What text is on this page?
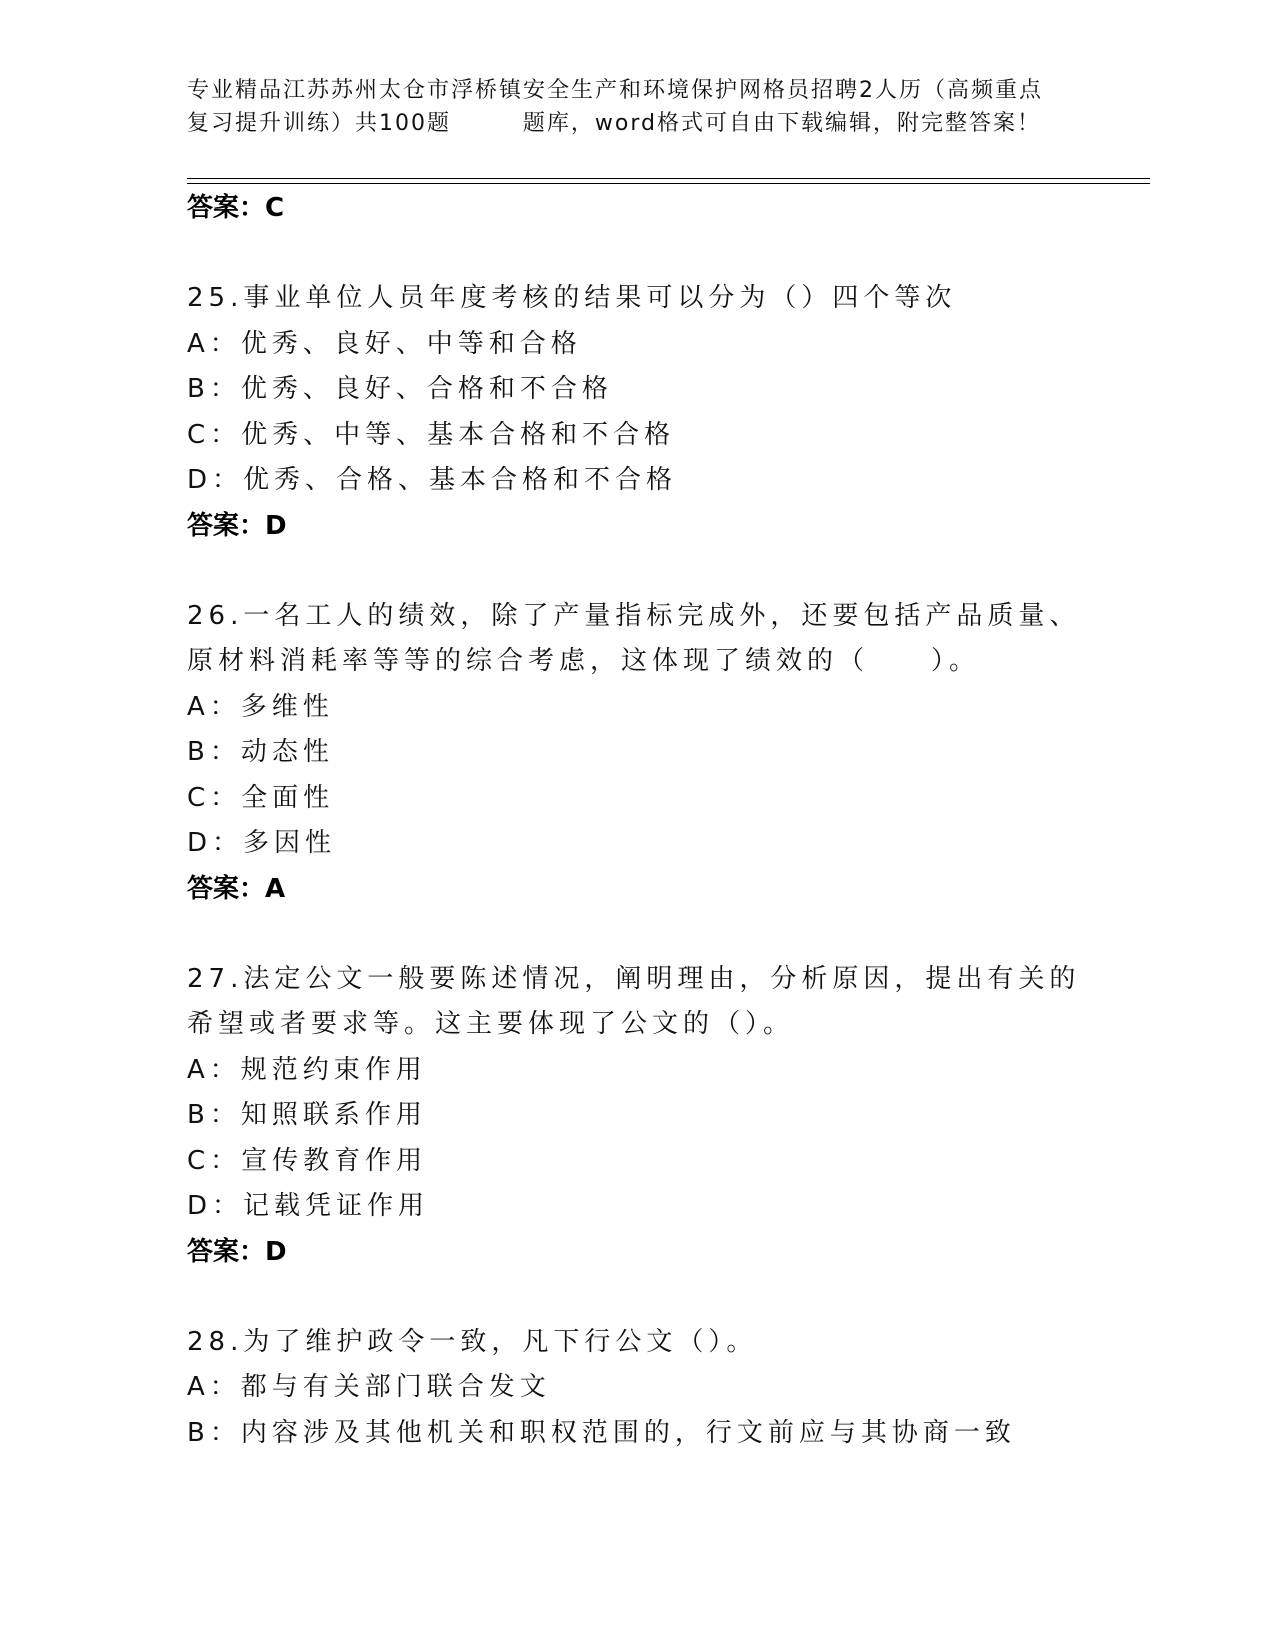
专业精品江苏苏州太仓市浮桥镇安全生产和环境保护网格员招聘2人历（高频重点
复习提升训练）共100题        题库，word格式可自由下载编辑，附完整答案！
答案：C
25.事业单位人员年度考核的结果可以分为（）四个等次
A：优秀、良好、中等和合格
B：优秀、良好、合格和不合格
C：优秀、中等、基本合格和不合格
D：优秀、合格、基本合格和不合格
答案：D
26.一名工人的绩效，除了产量指标完成外，还要包括产品质量、原材料消耗率等等的综合考虑，这体现了绩效的（　　）。
A：多维性
B：动态性
C：全面性
D：多因性
答案：A
27.法定公文一般要陈述情况，阐明理由，分析原因，提出有关的希望或者要求等。这主要体现了公文的（）。
A：规范约束作用
B：知照联系作用
C：宣传教育作用
D：记载凭证作用
答案：D
28.为了维护政令一致，凡下行公文（）。
A：都与有关部门联合发文
B：内容涉及其他机关和职权范围的，行文前应与其协商一致
